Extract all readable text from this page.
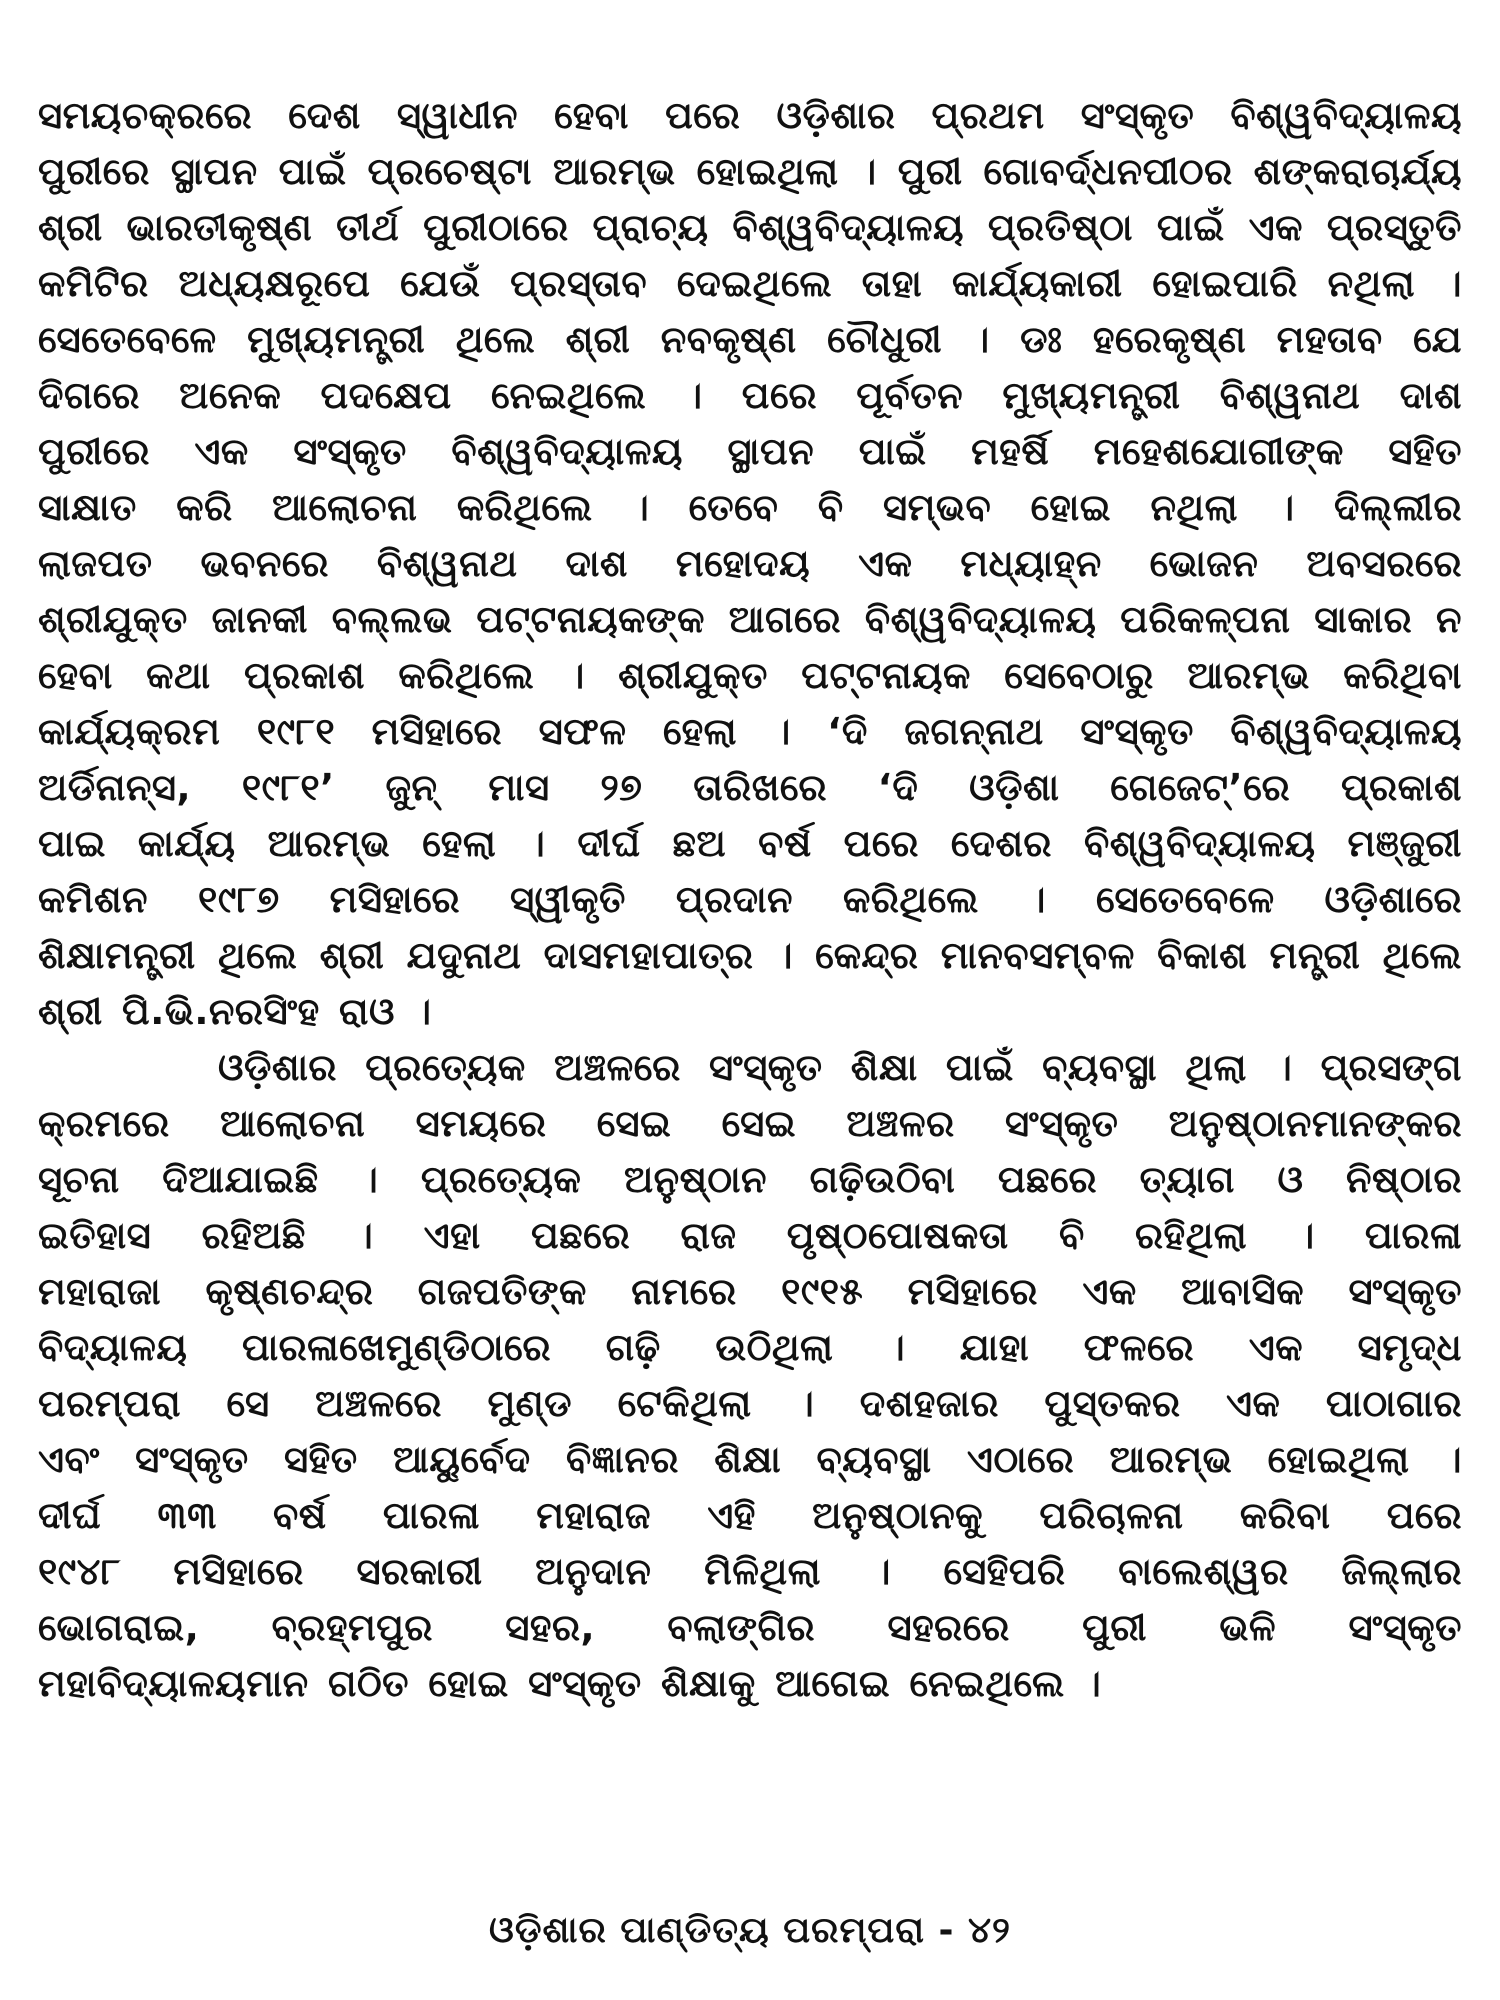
ସମୟଚକ୍ରରେ ଦେଶ ସ୍ୱାଧୀନ ହେବା ପରେ ଓଡ଼ିଶାର ପ୍ରଥମ ସଂସ୍କୃତ ବିଶ୍ୱବିଦ୍ୟାଳୟ
ପୁରୀରେ ସ୍ଥାପନ ପାଇଁ ପ୍ରଚେଷ୍ଟା ଆରମ୍ଭ ହୋଇଥିଲା । ପୁରୀ ଗୋବର୍ଦ୍ଧନପୀଠର ଶଙ୍କରାଚାର୍ଯ୍ୟ
ଶ୍ରୀ ଭାରତୀକୃଷ୍ଣ ତୀର୍ଥ ପୁରୀଠାରେ ପ୍ରାଚ୍ୟ ବିଶ୍ୱବିଦ୍ୟାଳୟ ପ୍ରତିଷ୍ଠା ପାଇଁ ଏକ ପ୍ରସ୍ତୁତି
କମିଟିର ଅଧ୍ୟକ୍ଷରୂପେ ଯେଉଁ ପ୍ରସ୍ତାବ ଦେଇଥିଲେ ତାହା କାର୍ଯ୍ୟକାରୀ ହୋଇପାରି ନଥିଲା ।
ସେତେବେଳେ ମୁଖ୍ୟମନ୍ତ୍ରୀ ଥିଲେ ଶ୍ରୀ ନବକୃଷ୍ଣ ଚୌଧୁରୀ । ଡଃ ହରେକୃଷ୍ଣ ମହତାବ ଯେ
ଦିଗରେ ଅନେକ ପଦକ୍ଷେପ ନେଇଥିଲେ । ପରେ ପୂର୍ବତନ ମୁଖ୍ୟମନ୍ତ୍ରୀ ବିଶ୍ୱନାଥ ଦାଶ
ପୁରୀରେ ଏକ ସଂସ୍କୃତ ବିଶ୍ୱବିଦ୍ୟାଳୟ ସ୍ଥାପନ ପାଇଁ ମହର୍ଷି ମହେଶଯୋଗୀଙ୍କ ସହିତ
ସାକ୍ଷାତ କରି ଆଲୋଚନା କରିଥିଲେ । ତେବେ ବି ସମ୍ଭବ ହୋଇ ନଥିଲା । ଦିଲ୍ଲୀର
ଲାଜପତ ଭବନରେ ବିଶ୍ୱନାଥ ଦାଶ ମହୋଦୟ ଏକ ମଧ୍ୟାହ୍ନ ଭୋଜନ ଅବସରରେ
ଶ୍ରୀଯୁକ୍ତ ଜାନକୀ ବଲ୍ଲଭ ପଟ୍ଟନାୟକଙ୍କ ଆଗରେ ବିଶ୍ୱବିଦ୍ୟାଳୟ ପରିକଳ୍ପନା ସାକାର ନ
ହେବା କଥା ପ୍ରକାଶ କରିଥିଲେ । ଶ୍ରୀଯୁକ୍ତ ପଟ୍ଟନାୟକ ସେବେଠାରୁ ଆରମ୍ଭ କରିଥିବା
କାର୍ଯ୍ୟକ୍ରମ ୧୯୮୧ ମସିହାରେ ସଫଳ ହେଲା । ‘ଦି ଜଗନ୍ନାଥ ସଂସ୍କୃତ ବିଶ୍ୱବିଦ୍ୟାଳୟ
ଅର୍ଡିନାନ୍ସ, ୧୯୮୧’ ଜୁନ୍ ମାସ ୨୭ ତାରିଖରେ ‘ଦି ଓଡ଼ିଶା ଗେଜେଟ୍’ରେ ପ୍ରକାଶ
ପାଇ କାର୍ଯ୍ୟ ଆରମ୍ଭ ହେଲା । ଦୀର୍ଘ ଛଅ ବର୍ଷ ପରେ ଦେଶର ବିଶ୍ୱବିଦ୍ୟାଳୟ ମଞ୍ଜୁରୀ
କମିଶନ ୧୯୮୭ ମସିହାରେ ସ୍ୱୀକୃତି ପ୍ରଦାନ କରିଥିଲେ । ସେତେବେଳେ ଓଡ଼ିଶାରେ
ଶିକ୍ଷାମନ୍ତ୍ରୀ ଥିଲେ ଶ୍ରୀ ଯଦୁନାଥ ଦାସମହାପାତ୍ର । କେନ୍ଦ୍ର ମାନବସମ୍ବଳ ବିକାଶ ମନ୍ତ୍ରୀ ଥିଲେ
ଶ୍ରୀ ପି.ଭି.ନରସିଂହ ରାଓ ।
ଓଡ଼ିଶାର ପ୍ରତ୍ୟେକ ଅଞ୍ଚଳରେ ସଂସ୍କୃତ ଶିକ୍ଷା ପାଇଁ ବ୍ୟବସ୍ଥା ଥିଲା । ପ୍ରସଙ୍ଗ
କ୍ରମରେ ଆଲୋଚନା ସମୟରେ ସେଇ ସେଇ ଅଞ୍ଚଳର ସଂସ୍କୃତ ଅନୁଷ୍ଠାନମାନଙ୍କର
ସୂଚନା ଦିଆଯାଇଛି । ପ୍ରତ୍ୟେକ ଅନୁଷ୍ଠାନ ଗଢ଼ିଉଠିବା ପଛରେ ତ୍ୟାଗ ଓ ନିଷ୍ଠାର
ଇତିହାସ ରହିଅଛି । ଏହା ପଛରେ ରାଜ ପୃଷ୍ଠପୋଷକତା ବି ରହିଥିଲା । ପାରଳା
ମହାରାଜା କୃଷ୍ଣଚନ୍ଦ୍ର ଗଜପତିଙ୍କ ନାମରେ ୧୯୧୫ ମସିହାରେ ଏକ ଆବାସିକ ସଂସ୍କୃତ
ବିଦ୍ୟାଳୟ ପାରଳାଖେମୁଣ୍ଡିଠାରେ ଗଢ଼ି ଉଠିଥିଲା । ଯାହା ଫଳରେ ଏକ ସମୃଦ୍ଧ
ପରମ୍ପରା ସେ ଅଞ୍ଚଳରେ ମୁଣ୍ଡ ଟେକିଥିଲା । ଦଶହଜାର ପୁସ୍ତକର ଏକ ପାଠାଗାର
ଏବଂ ସଂସ୍କୃତ ସହିତ ଆୟୁର୍ବେଦ ବିଜ୍ଞାନର ଶିକ୍ଷା ବ୍ୟବସ୍ଥା ଏଠାରେ ଆରମ୍ଭ ହୋଇଥିଲା ।
ଦୀର୍ଘ ୩୩ ବର୍ଷ ପାରଳା ମହାରାଜ ଏହି ଅନୁଷ୍ଠାନକୁ ପରିଚାଳନା କରିବା ପରେ
୧୯୪୮ ମସିହାରେ ସରକାରୀ ଅନୁଦାନ ମିଳିଥିଲା । ସେହିପରି ବାଲେଶ୍ୱର ଜିଲ୍ଲାର
ଭୋଗରାଇ, ବ୍ରହ୍ମପୁର ସହର, ବଲାଙ୍ଗିର ସହରରେ ପୁରୀ ଭଳି ସଂସ୍କୃତ
ମହାବିଦ୍ୟାଳୟମାନ ଗଠିତ ହୋଇ ସଂସ୍କୃତ ଶିକ୍ଷାକୁ ଆଗେଇ ନେଇଥିଲେ ।
ଓଡ଼ିଶାର ପାଣ୍ଡିତ୍ୟ ପରମ୍ପରା - ୪୨
